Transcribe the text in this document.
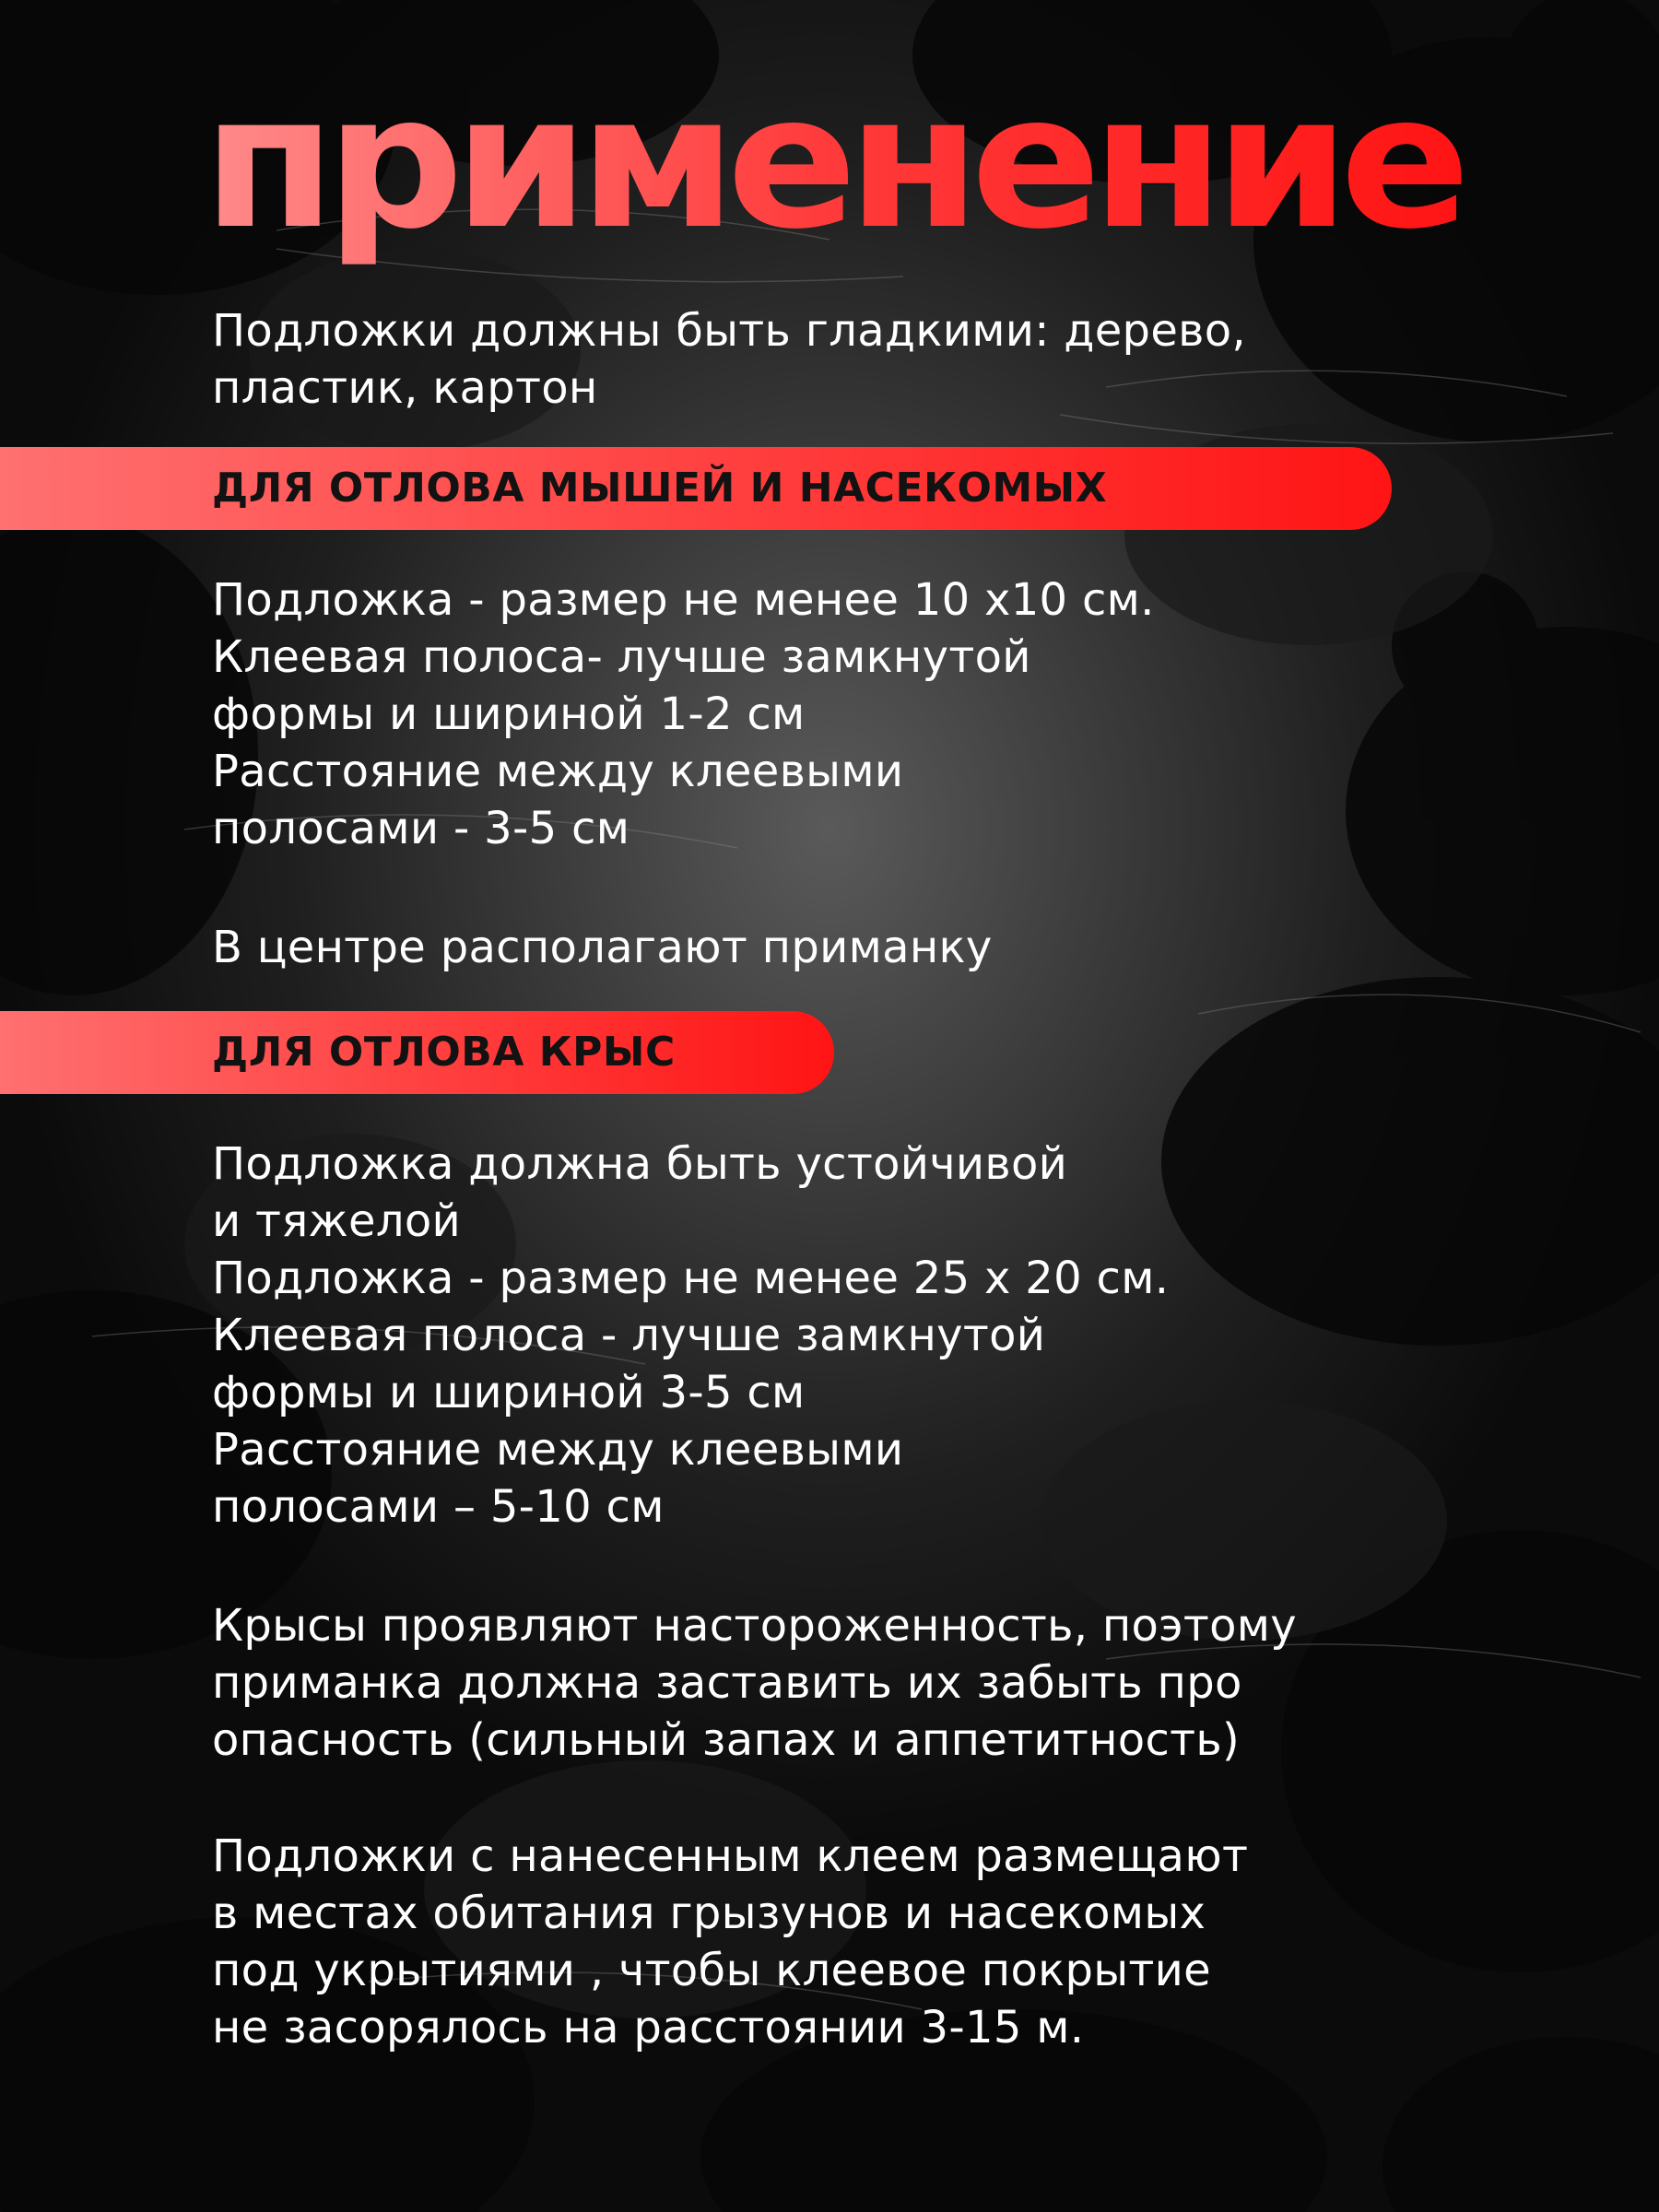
применение
Подложки должны быть гладкими: дерево,
пластик, картон
ДЛЯ ОТЛОВА МЫШЕЙ И НАСЕКОМЫХ
Подложка - размер не менее 10 х10 см.
Клеевая полоса- лучше замкнутой
формы и шириной 1-2 см
Расстояние между клеевыми
полосами - 3-5 см
В центре располагают приманку
ДЛЯ ОТЛОВА КРЫС
Подложка должна быть устойчивой
и тяжелой
Подложка - размер не менее 25 х 20 см.
Клеевая полоса - лучше замкнутой
формы и шириной 3-5 см
Расстояние между клеевыми
полосами – 5-10 см
Крысы проявляют настороженность, поэтому
приманка должна заставить их забыть про
опасность (сильный запах и аппетитность)
Подложки с нанесенным клеем размещают
в местах обитания грызунов и насекомых
под укрытиями , чтобы клеевое покрытие
не засорялось на расстоянии 3-15 м.
